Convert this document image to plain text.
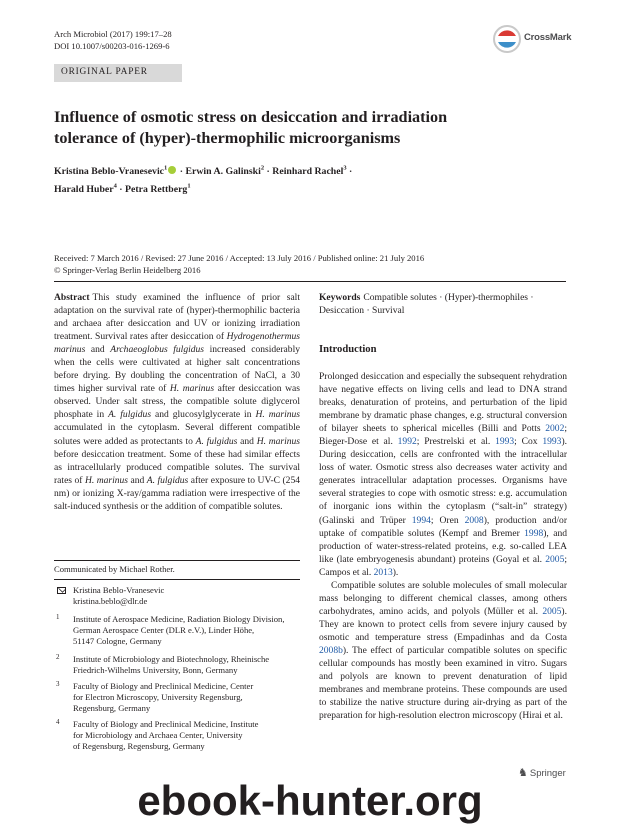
Arch Microbiol (2017) 199:17–28
DOI 10.1007/s00203-016-1269-6
CrossMark
ORIGINAL PAPER
Influence of osmotic stress on desiccation and irradiation
tolerance of (hyper)-thermophilic microorganisms
Kristina Beblo-Vranesevic$^1$ · Erwin A. Galinski$^2$ · Reinhard Rachel$^3$ ·
Harald Huber$^4$ · Petra Rettberg$^1$
Received: 7 March 2016 / Revised: 27 June 2016 / Accepted: 13 July 2016 / Published online: 21 July 2016
© Springer-Verlag Berlin Heidelberg 2016

Abstract This study examined the influence of prior salt adaptation on the survival rate of (hyper)-thermophilic bacteria and archaea after desiccation and UV or ionizing irradiation treatment. Survival rates after desiccation of Hydrogenothermus marinus and Archaeoglobus fulgidus increased considerably when the cells were cultivated at higher salt concentrations before drying. By doubling the concentration of NaCl, a 30 times higher survival rate of H. marinus after desiccation was observed. Under salt stress, the compatible solute diglycerol phosphate in A. fulgidus and glucosylglycerate in H. marinus accumulated in the cytoplasm. Several different compatible solutes were added as protectants to A. fulgidus and H. marinus before desiccation treatment. Some of these had similar effects as intracellularly produced compatible solutes. The survival rates of H. marinus and A. fulgidus after exposure to UV-C (254 nm) or ionizing X-ray/gamma radiation were irrespective of the salt-induced synthesis or the addition of compatible solutes.

Communicated by Michael Rother.
Kristina Beblo-Vranesevic
kristina.beblo@dlr.de
1 Institute of Aerospace Medicine, Radiation Biology Division,
German Aerospace Center (DLR e.V.), Linder Höhe,
51147 Cologne, Germany
2 Institute of Microbiology and Biotechnology, Rheinische
Friedrich-Wilhelms University, Bonn, Germany
3 Faculty of Biology and Preclinical Medicine, Center
for Electron Microscopy, University Regensburg,
Regensburg, Germany
4 Faculty of Biology and Preclinical Medicine, Institute
for Microbiology and Archaea Center, University
of Regensburg, Regensburg, Germany

Keywords Compatible solutes · (Hyper)-thermophiles · Desiccation · Survival

Introduction

Prolonged desiccation and especially the subsequent rehydration have negative effects on living cells and lead to DNA strand breaks, denaturation of proteins, and perturbation of the lipid membrane by dramatic phase changes, e.g. structural conversion of bilayer sheets to spherical micelles (Billi and Potts 2002; Bieger-Dose et al. 1992; Prestrelski et al. 1993; Cox 1993). During desiccation, cells are confronted with the intracellular loss of water. Osmotic stress also decreases water activity and generates intracellular adaptation processes. Organisms have several strategies to cope with osmotic stress: e.g. accumulation of inorganic ions within the cytoplasm (“salt-in” strategy) (Galinski and Trüper 1994; Oren 2008), production and/or uptake of compatible solutes (Kempf and Bremer 1998), and production of water-stress-related proteins, e.g. so-called LEA like (late embryogenesis abundant) proteins (Goyal et al. 2005; Campos et al. 2013).

Compatible solutes are soluble molecules of small molecular mass belonging to different chemical classes, among others carbohydrates, amino acids, and polyols (Müller et al. 2005). They are known to protect cells from severe injury caused by osmotic and temperature stress (Empadinhas and da Costa 2008b). The effect of particular compatible solutes on specific cellular compounds has mostly been examined in vitro. Sugars and polyols are known to prevent denaturation of lipid membranes and membrane proteins. These compounds are used to stabilize the native structure during air-drying as part of the preparation for high-resolution electron microscopy (Hirai et al.

♞ Springer
ebook-hunter.org
